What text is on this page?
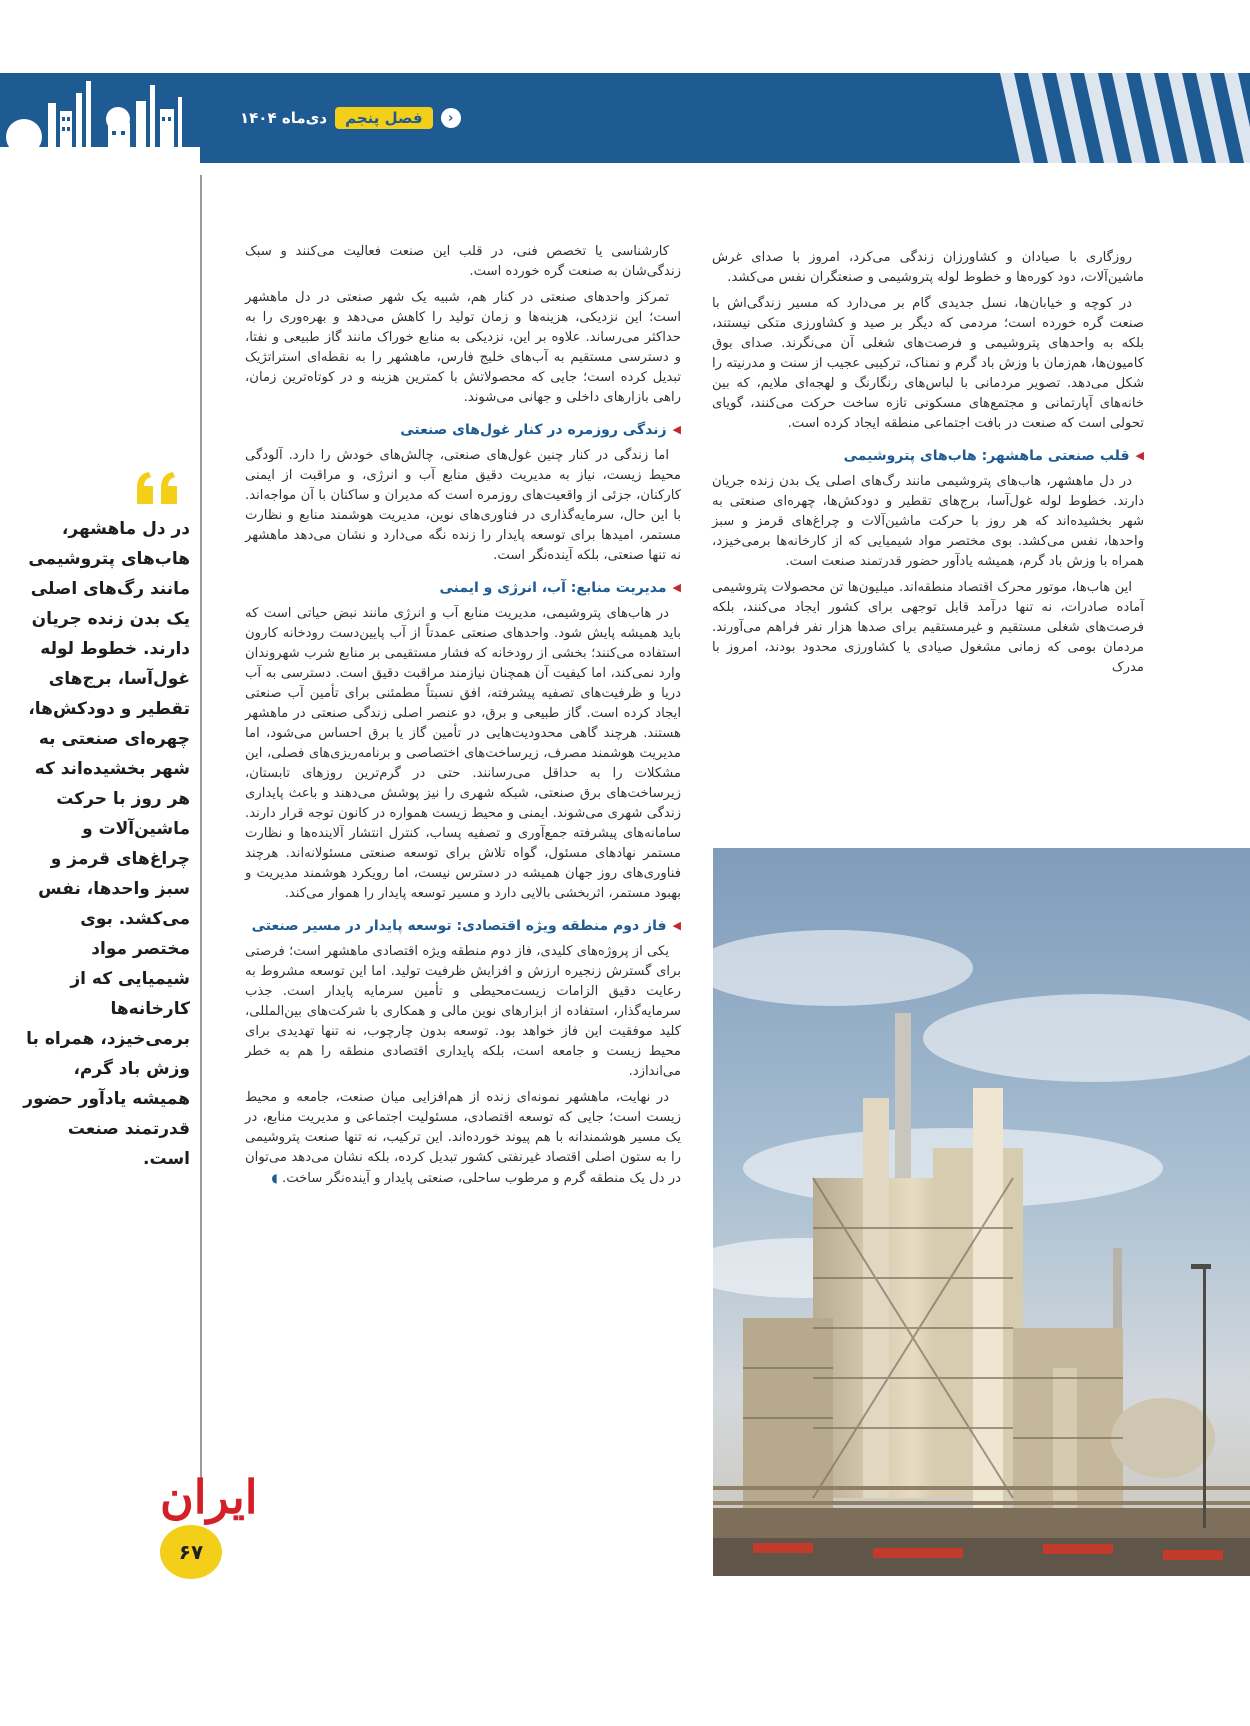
›
فصل پنجم
دی‌ماه ۱۴۰۴

روزگاری با صیادان و کشاورزان زندگی می‌کرد، امروز با صدای غرش ماشین‌آلات، دود کوره‌ها و خطوط لوله پتروشیمی و صنعتگران نفس می‌کشد.

در کوچه و خیابان‌ها، نسل جدیدی گام بر می‌دارد که مسیر زندگی‌اش با صنعت گره خورده است؛ مردمی که دیگر بر صید و کشاورزی متکی نیستند، بلکه به واحدهای پتروشیمی و فرصت‌های شغلی آن می‌نگرند. صدای بوق کامیون‌ها، هم‌زمان با وزش باد گرم و نمناک، ترکیبی عجیب از سنت و مدرنیته را شکل می‌دهد. تصویر مردمانی با لباس‌های رنگارنگ و لهجه‌ای ملایم، که بین خانه‌های آپارتمانی و مجتمع‌های مسکونی تازه ساخت حرکت می‌کنند، گویای تحولی است که صنعت در بافت اجتماعی منطقه ایجاد کرده است.

◀
قلب صنعتی ماهشهر: هاب‌های پتروشیمی

در دل ماهشهر، هاب‌های پتروشیمی مانند رگ‌های اصلی یک بدن زنده جریان دارند. خطوط لوله غول‌آسا، برج‌های تقطیر و دودکش‌ها، چهره‌ای صنعتی به شهر بخشیده‌اند که هر روز با حرکت ماشین‌آلات و چراغ‌های قرمز و سبز واحدها، نفس می‌کشد. بوی مختصر مواد شیمیایی که از کارخانه‌ها برمی‌خیزد، همراه با وزش باد گرم، همیشه یادآور حضور قدرتمند صنعت است.

این هاب‌ها، موتور محرک اقتصاد منطقه‌اند. میلیون‌ها تن محصولات پتروشیمی آماده صادرات، نه تنها درآمد قابل توجهی برای کشور ایجاد می‌کنند، بلکه فرصت‌های شغلی مستقیم و غیرمستقیم برای صدها هزار نفر فراهم می‌آورند. مردمان بومی که زمانی مشغول صیادی یا کشاورزی محدود بودند، امروز با مدرک

کارشناسی یا تخصص فنی، در قلب این صنعت فعالیت می‌کنند و سبک زندگی‌شان به صنعت گره خورده است.

تمرکز واحدهای صنعتی در کنار هم، شبیه یک شهر صنعتی در دل ماهشهر است؛ این نزدیکی، هزینه‌ها و زمان تولید را کاهش می‌دهد و بهره‌وری را به حداکثر می‌رساند. علاوه بر این، نزدیکی به منابع خوراک مانند گاز طبیعی و نفتا، و دسترسی مستقیم به آب‌های خلیج فارس، ماهشهر را به نقطه‌ای استراتژیک تبدیل کرده است؛ جایی که محصولاتش با کمترین هزینه و در کوتاه‌ترین زمان، راهی بازارهای داخلی و جهانی می‌شوند.

◀
زندگی روزمره در کنار غول‌های صنعتی

اما زندگی در کنار چنین غول‌های صنعتی، چالش‌های خودش را دارد. آلودگی محیط زیست، نیاز به مدیریت دقیق منابع آب و انرژی، و مراقبت از ایمنی کارکنان، جزئی از واقعیت‌های روزمره است که مدیران و ساکنان با آن مواجه‌اند. با این حال، سرمایه‌گذاری در فناوری‌های نوین، مدیریت هوشمند منابع و نظارت مستمر، امیدها برای توسعه پایدار را زنده نگه می‌دارد و نشان می‌دهد ماهشهر نه تنها صنعتی، بلکه آینده‌نگر است.

◀
مدیریت منابع: آب، انرژی و ایمنی

در هاب‌های پتروشیمی، مدیریت منابع آب و انرژی مانند نبض حیاتی است که باید همیشه پایش شود. واحدهای صنعتی عمدتاً از آب پایین‌دست رودخانه کارون استفاده می‌کنند؛ بخشی از رودخانه که فشار مستقیمی بر منابع شرب شهروندان وارد نمی‌کند، اما کیفیت آن همچنان نیازمند مراقبت دقیق است. دسترسی به آب دریا و ظرفیت‌های تصفیه پیشرفته، افق نسبتاً مطمئنی برای تأمین آب صنعتی ایجاد کرده است. گاز طبیعی و برق، دو عنصر اصلی زندگی صنعتی در ماهشهر هستند. هرچند گاهی محدودیت‌هایی در تأمین گاز یا برق احساس می‌شود، اما مدیریت هوشمند مصرف، زیرساخت‌های اختصاصی و برنامه‌ریزی‌های فصلی، این مشکلات را به حداقل می‌رسانند. حتی در گرم‌ترین روزهای تابستان، زیرساخت‌های برق صنعتی، شبکه شهری را نیز پوشش می‌دهند و باعث پایداری زندگی شهری می‌شوند. ایمنی و محیط زیست همواره در کانون توجه قرار دارند. سامانه‌های پیشرفته جمع‌آوری و تصفیه پساب، کنترل انتشار آلاینده‌ها و نظارت مستمر نهادهای مسئول، گواه تلاش برای توسعه صنعتی مسئولانه‌اند. هرچند فناوری‌های روز جهان همیشه در دسترس نیست، اما رویکرد هوشمند مدیریت و بهبود مستمر، اثربخشی بالایی دارد و مسیر توسعه پایدار را هموار می‌کند.

◀
فاز دوم منطقه ویژه اقتصادی: توسعه پایدار در مسیر صنعتی

یکی از پروژه‌های کلیدی، فاز دوم منطقه ویژه اقتصادی ماهشهر است؛ فرصتی برای گسترش زنجیره ارزش و افزایش ظرفیت تولید. اما این توسعه مشروط به رعایت دقیق الزامات زیست‌محیطی و تأمین سرمایه پایدار است. جذب سرمایه‌گذار، استفاده از ابزارهای نوین مالی و همکاری با شرکت‌های بین‌المللی، کلید موفقیت این فاز خواهد بود. توسعه بدون چارچوب، نه تنها تهدیدی برای محیط زیست و جامعه است، بلکه پایداری اقتصادی منطقه را هم به خطر می‌اندازد.

در نهایت، ماهشهر نمونه‌ای زنده از هم‌افزایی میان صنعت، جامعه و محیط زیست است؛ جایی که توسعه اقتصادی، مسئولیت اجتماعی و مدیریت منابع، در یک مسیر هوشمندانه با هم پیوند خورده‌اند. این ترکیب، نه تنها صنعت پتروشیمی را به ستون اصلی اقتصاد غیرنفتی کشور تبدیل کرده، بلکه نشان می‌دهد می‌توان در دل یک منطقه گرم و مرطوب ساحلی، صنعتی پایدار و آینده‌نگر ساخت. ◖

در دل ماهشهر، هاب‌های پتروشیمی مانند رگ‌های اصلی یک بدن زنده جریان دارند. خطوط لوله غول‌آسا، برج‌های تقطیر و دودکش‌ها، چهره‌ای صنعتی به شهر بخشیده‌اند که هر روز با حرکت ماشین‌آلات و چراغ‌های قرمز و سبز واحدها، نفس می‌کشد. بوی مختصر مواد شیمیایی که از کارخانه‌ها برمی‌خیزد، همراه با وزش باد گرم، همیشه یادآور حضور قدرتمند صنعت است.
ایران
۶۷
